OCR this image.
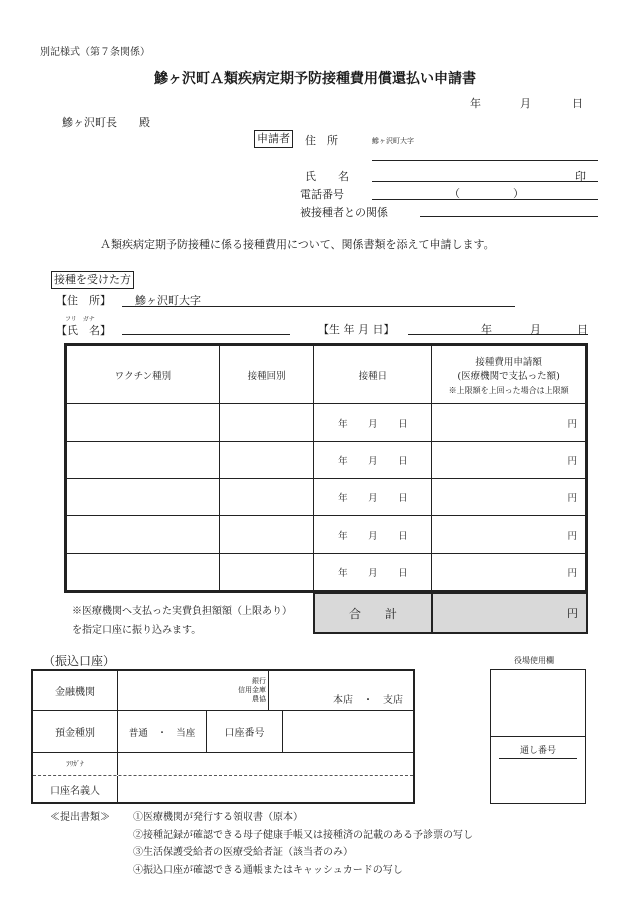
別記様式（第７条関係）
鰺ヶ沢町Ａ類疾病定期予防接種費用償還払い申請書
年	月	日
鰺ヶ沢町長　　殿
申請者 住　所	鰺ヶ沢町大字
氏　　名	印
電話番号	（	）
被接種者との関係
Ａ類疾病定期予防接種に係る接種費用について、関係書類を添えて申請します。
接種を受けた方
【住　所】 鰺ヶ沢町大字
フリ　ガナ
【氏　名】	【生 年 月 日】	年	月	日
ワクチン種別	接種回別	接種日	接種費用申請額
(医療機関で支払った額)
※上限額を上回った場合は上限額

		年 月 日	円
		年 月 日	円
		年 月 日	円
		年 月 日	円
		年 月 日	円
※医療機関へ支払った実費負担額額（上限あり）
を指定口座に振り込みます。
合　　計	円
（振込口座）
金融機関
銀行
信用金庫
農協	本店　・　支店
預金種別	普通　・　当座	口座番号
ﾌﾘｶﾞﾅ
口座名義人
役場使用欄
通し番号
≪提出書類≫ ①医療機関が発行する領収書（原本）
②接種記録が確認できる母子健康手帳又は接種済の記載のある予診票の写し
③生活保護受給者の医療受給者証（該当者のみ）
④振込口座が確認できる通帳またはキャッシュカードの写し
